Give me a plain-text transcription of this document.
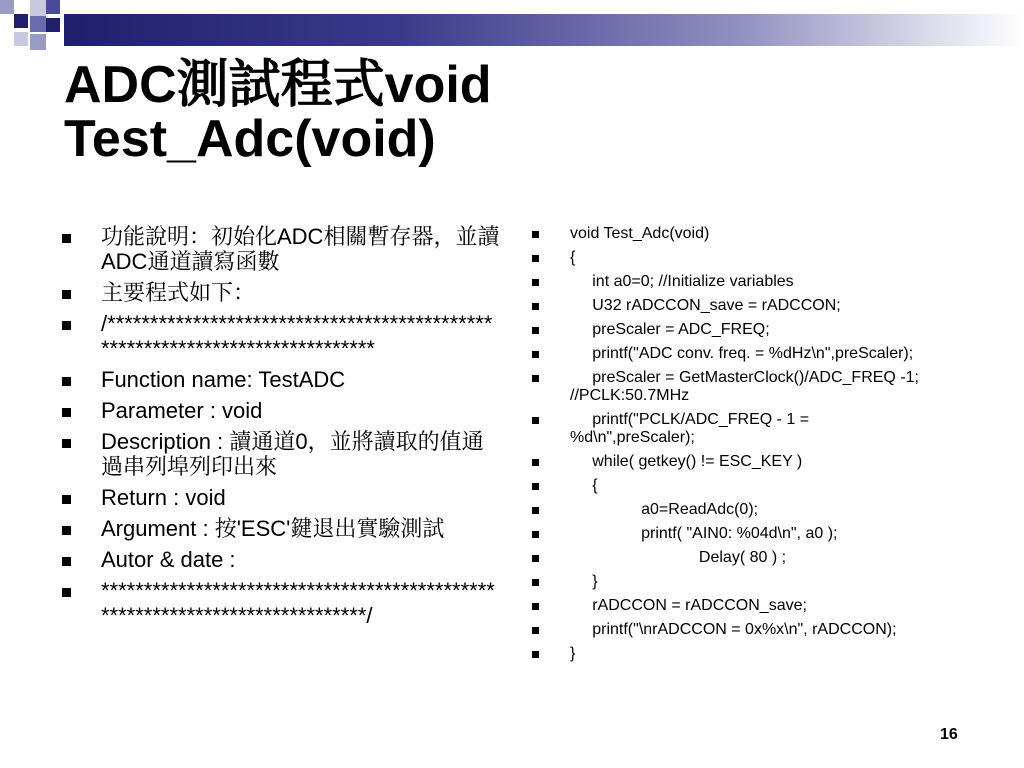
ADC測試程式void
Test_Adc(void)
功能說明：初始化ADC相關暫存器，並讀ADC通道讀寫函數
主要程式如下：
/*****************************************************************************
Function name: TestADC
Parameter : void
Description : 讀通道0，並將讀取的值通過串列埠列印出來
Return : void
Argument : 按'ESC'鍵退出實驗測試
Autor & date :
*****************************************************************************/
void Test_Adc(void)
{
int a0=0; //Initialize variables
U32 rADCCON_save = rADCCON;
preScaler = ADC_FREQ;
printf("ADC conv. freq. = %dHz\n",preScaler);
preScaler = GetMasterClock()/ADC_FREQ -1; //PCLK:50.7MHz
printf("PCLK/ADC_FREQ - 1 = %d\n",preScaler);
while( getkey() != ESC_KEY )
{
a0=ReadAdc(0);
printf( "AIN0: %04d\n", a0 );
Delay( 80 ) ;
}
rADCCON = rADCCON_save;
printf("\nrADCCON = 0x%x\n", rADCCON);
}
16
